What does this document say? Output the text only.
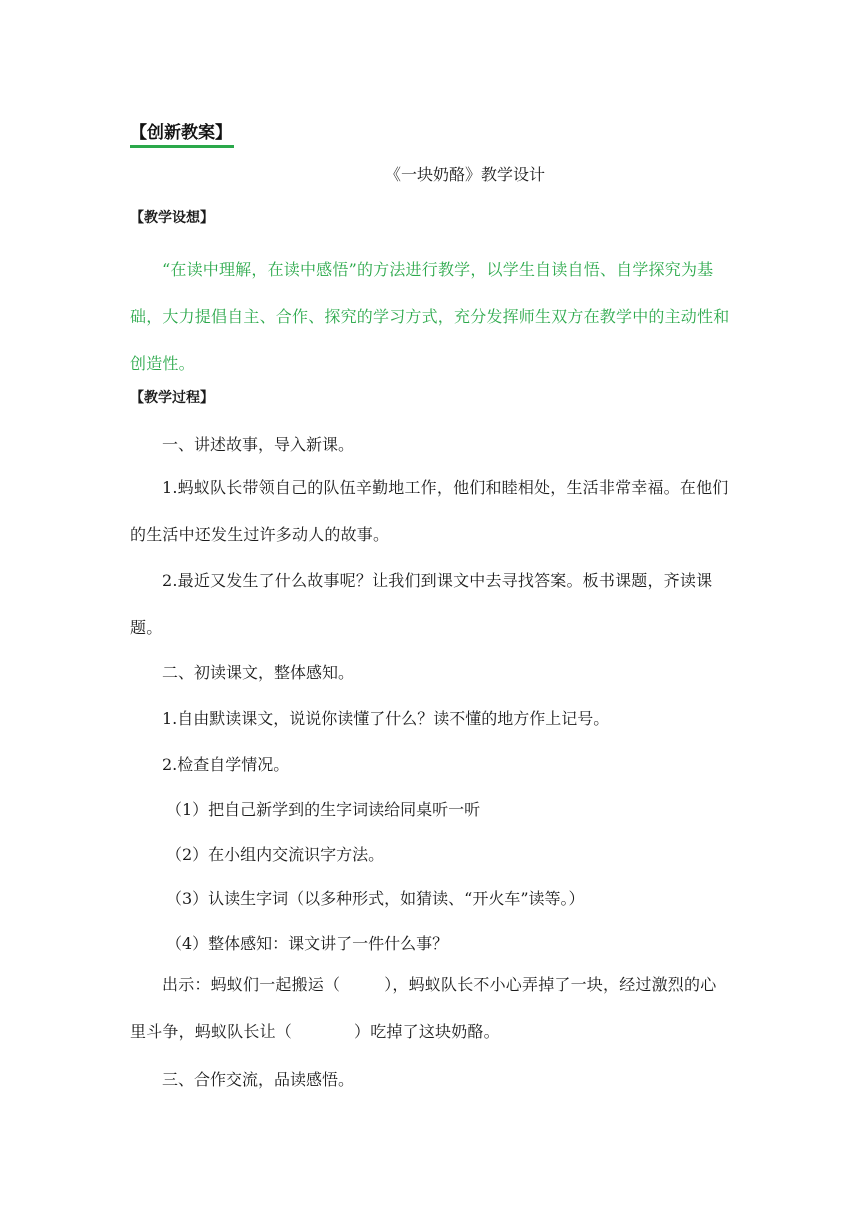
【创新教案】
《一块奶酪》教学设计
【教学设想】

“在读中理解，在读中感悟”的方法进行教学，以学生自读自悟、自学探究为基础，大力提倡自主、合作、探究的学习方式，充分发挥师生双方在教学中的主动性和创造性。

【教学过程】
一、讲述故事，导入新课。

1.蚂蚁队长带领自己的队伍辛勤地工作，他们和睦相处，生活非常幸福。在他们的生活中还发生过许多动人的故事。

2.最近又发生了什么故事呢？让我们到课文中去寻找答案。板书课题，齐读课题。

二、初读课文，整体感知。
1.自由默读课文，说说你读懂了什么？读不懂的地方作上记号。
2.检查自学情况。
（1）把自己新学到的生字词读给同桌听一听
（2）在小组内交流识字方法。
（3）认读生字词（以多种形式，如猜读、“开火车”读等。）
（4）整体感知：课文讲了一件什么事？

出示：蚂蚁们一起搬运（	），蚂蚁队长不小心弄掉了一块，经过激烈的心里斗争，蚂蚁队长让（	）吃掉了这块奶酪。

三、合作交流，品读感悟。
